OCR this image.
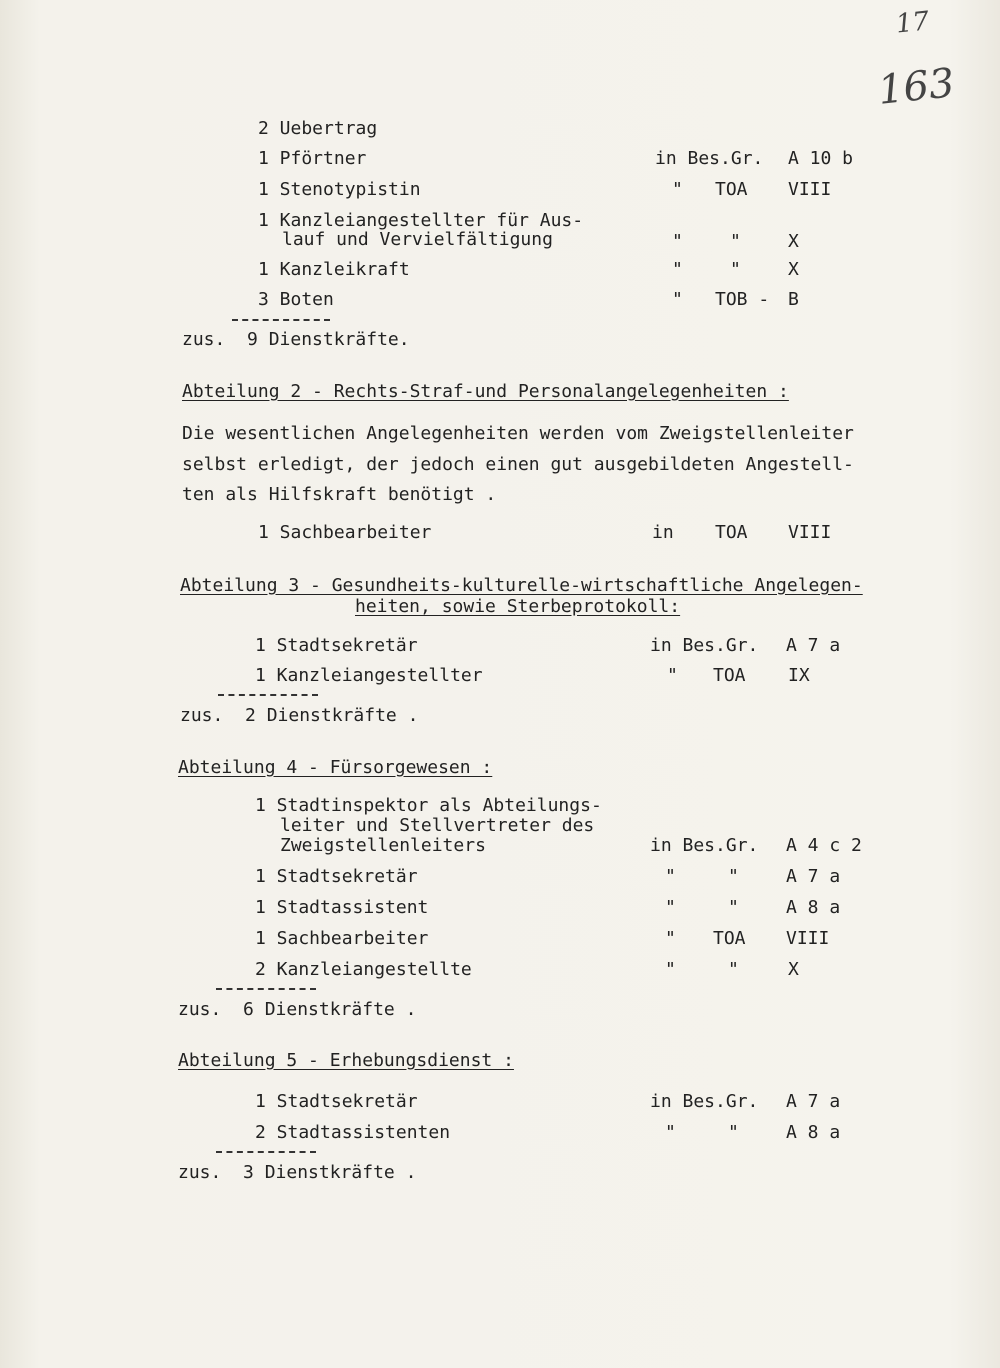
17
163
2 Uebertrag
1 Pförtner	in Bes.Gr. A 10 b
1 Stenotypistin	" TOA VIII
1 Kanzleiangestellter für Aus-
lauf und Vervielfältigung	"	"	X
1 Kanzleikraft	"	"	X
3 Boten	" TOB - B
zus.  9 Dienstkräfte.
Abteilung 2 - Rechts-Straf-und Personalangelegenheiten :
Die wesentlichen Angelegenheiten werden vom Zweigstellenleiter
selbst erledigt, der jedoch einen gut ausgebildeten Angestell-
ten als Hilfskraft benötigt .
1 Sachbearbeiter	in TOA VIII
Abteilung 3 - Gesundheits-kulturelle-wirtschaftliche Angelegen-
heiten, sowie Sterbeprotokoll:
1 Stadtsekretär	in Bes.Gr. A 7 a
1 Kanzleiangestellter	" TOA IX
zus.  2 Dienstkräfte .
Abteilung 4 - Fürsorgewesen :
1 Stadtinspektor als Abteilungs-
leiter und Stellvertreter des
Zweigstellenleiters	in Bes.Gr. A 4 c 2
1 Stadtsekretär	"	"	A 7 a
1 Stadtassistent	"	"	A 8 a
1 Sachbearbeiter	" TOA VIII
2 Kanzleiangestellte	"	"	X
zus.  6 Dienstkräfte .
Abteilung 5 - Erhebungsdienst :
1 Stadtsekretär	in Bes.Gr. A 7 a
2 Stadtassistenten	"	"	A 8 a
zus.  3 Dienstkräfte .
